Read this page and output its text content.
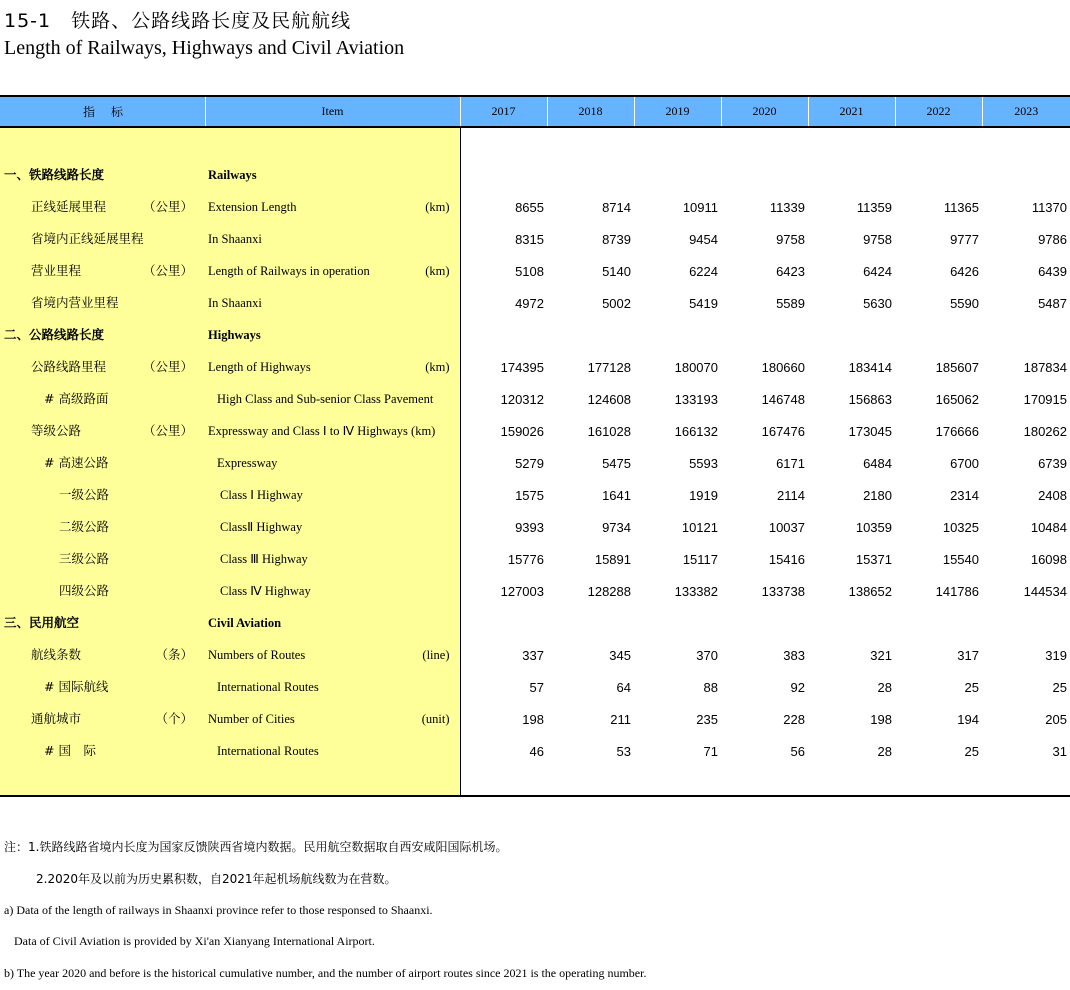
15-1　铁路、公路线路长度及民航航线
Length of Railways, Highways and Civil Aviation
指　标	Item	2017	2018	2019	2020	2021	2022	2023

一、铁路线路长度	Railways							

正线延展里程 （公里）	Extension Length (km)	8655	8714	10911	11339	11359	11365	11370

省境内正线延展里程	In Shaanxi	8315	8739	9454	9758	9758	9777	9786

营业里程 （公里）	Length of Railways in operation (km)	5108	5140	6224	6423	6424	6426	6439

省境内营业里程	In Shaanxi	4972	5002	5419	5589	5630	5590	5487

二、公路线路长度	Highways							

公路线路里程 （公里）	Length of Highways (km)	174395	177128	180070	180660	183414	185607	187834

# 高级路面	High Class and Sub-senior Class Pavement	120312	124608	133193	146748	156863	165062	170915

等级公路 （公里）	Expressway and Class Ⅰ to Ⅳ Highways (km)	159026	161028	166132	167476	173045	176666	180262

# 高速公路	Expressway	5279	5475	5593	6171	6484	6700	6739

一级公路	Class Ⅰ Highway	1575	1641	1919	2114	2180	2314	2408

二级公路	ClassⅡ Highway	9393	9734	10121	10037	10359	10325	10484

三级公路	Class Ⅲ Highway	15776	15891	15117	15416	15371	15540	16098

四级公路	Class Ⅳ Highway	127003	128288	133382	133738	138652	141786	144534

三、民用航空	Civil Aviation							

航线条数 （条）	Numbers of Routes (line)	337	345	370	383	321	317	319

# 国际航线	International Routes	57	64	88	92	28	25	25

通航城市 （个）	Number of Cities (unit)	198	211	235	228	198	194	205

# 国　际	International Routes	46	53	71	56	28	25	31

注：1.铁路线路省境内长度为国家反馈陕西省境内数据。民用航空数据取自西安咸阳国际机场。
2.2020年及以前为历史累积数，自2021年起机场航线数为在营数。
a) Data of the length of railways in Shaanxi province refer to those responsed to Shaanxi.
Data of Civil Aviation is provided by Xi'an Xianyang International Airport.
b) The year 2020 and before is the historical cumulative number, and the number of airport routes since 2021 is the operating number.
